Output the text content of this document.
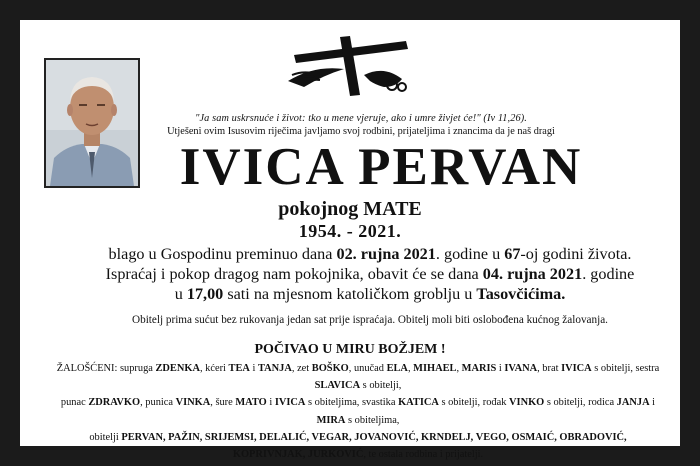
"Ja sam uskrsnuće i život: tko u mene vjeruje, ako i umre živjet će!" (Iv 11,26).
Utješeni ovim Isusovim riječima javljamo svoj rodbini, prijateljima i znancima da je naš dragi
IVICA PERVAN
pokojnog MATE
1954. - 2021.
blago u Gospodinu preminuo dana 02. rujna 2021. godine u 67-oj godini života.
Ispraćaj i pokop dragog nam pokojnika, obavit će se dana 04. rujna 2021. godine
u 17,00 sati na mjesnom katoličkom groblju u Tasovčićima.
Obitelj prima sućut bez rukovanja jedan sat prije ispraćaja. Obitelj moli biti oslobođena kućnog žalovanja.
POČIVAO U MIRU BOŽJEM !
ŽALOŠĆENI: supruga ZDENKA, kćeri TEA i TANJA, zet BOŠKO, unučad ELA, MIHAEL, MARIS i IVANA, brat IVICA s obitelji, sestra SLAVICA s obitelji,
punac ZDRAVKO, punica VINKA, šure MATO i IVICA s obiteljima, svastika KATICA s obitelji, rođak VINKO s obitelji, rodica JANJA i MIRA s obiteljima,
obitelji PERVAN, PAŽIN, SRIJEMSI, DELALIĆ, VEGAR, JOVANOVIĆ, KRNDELJ, VEGO, OSMAIĆ, OBRADOVIĆ,
KOPRIVNJAK, JURKOVIĆ, te ostala rodbina i prijatelji.
